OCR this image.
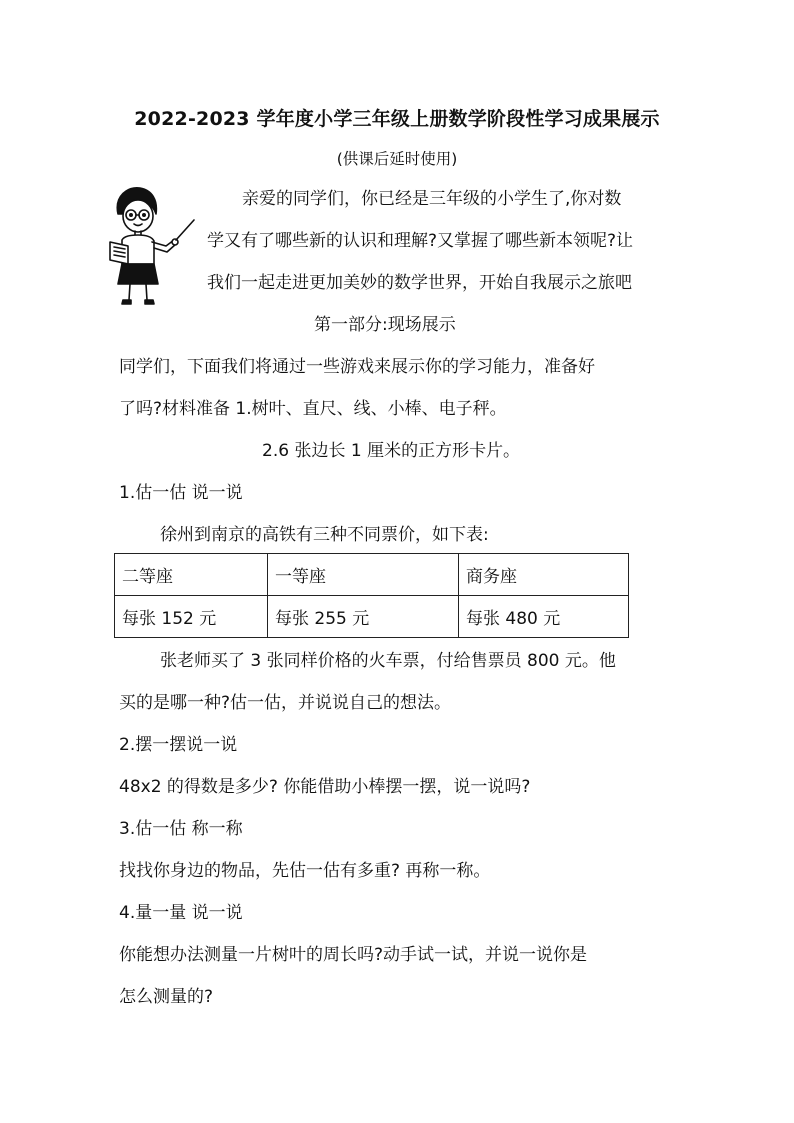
2022-2023 学年度小学三年级上册数学阶段性学习成果展示
(供课后延时使用)
亲爱的同学们，你已经是三年级的小学生了,你对数
学又有了哪些新的认识和理解?又掌握了哪些新本领呢?让
我们一起走进更加美妙的数学世界，开始自我展示之旅吧
第一部分:现场展示
同学们，下面我们将通过一些游戏来展示你的学习能力，准备好
了吗?材料准备 1.树叶、直尺、线、小棒、电子秤。
2.6 张边长 1 厘米的正方形卡片。
1.估一估 说一说
徐州到南京的高铁有三种不同票价，如下表:
二等座	一等座	商务座
每张 152 元	每张 255 元	每张 480 元
张老师买了 3 张同样价格的火车票，付给售票员 800 元。他
买的是哪一种?估一估，并说说自己的想法。
2.摆一摆说一说
48x2 的得数是多少? 你能借助小棒摆一摆，说一说吗?
3.估一估 称一称
找找你身边的物品，先估一估有多重? 再称一称。
4.量一量 说一说
你能想办法测量一片树叶的周长吗?动手试一试，并说一说你是
怎么测量的?
